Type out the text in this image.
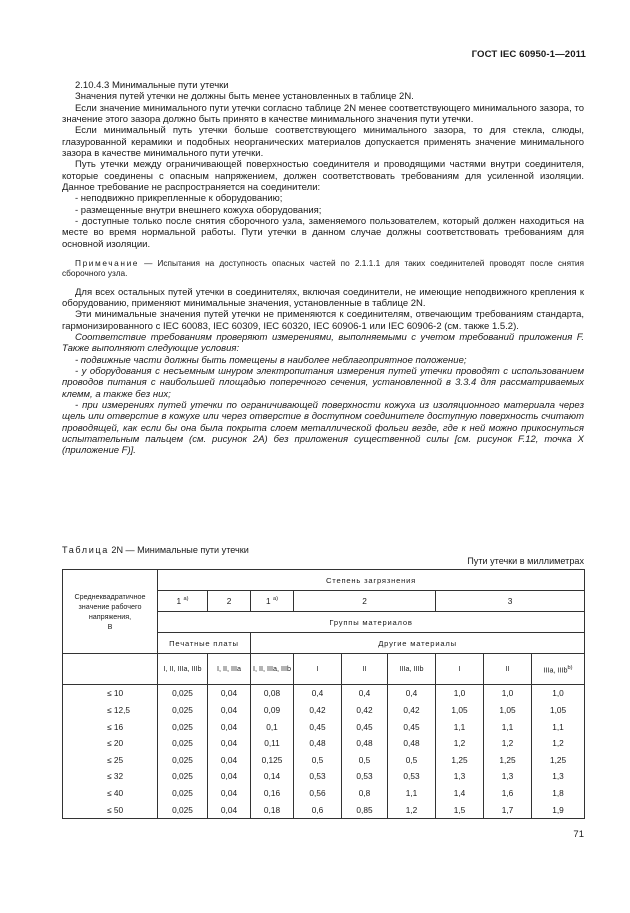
ГОСТ IEC 60950-1—2011

2.10.4.3 Минимальные пути утечки

Значения путей утечки не должны быть менее установленных в таблице 2N.

Если значение минимального пути утечки согласно таблице 2N менее соответствующего минимального зазора, то значение этого зазора должно быть принято в качестве минимального значения пути утечки.

Если минимальный путь утечки больше соответствующего минимального зазора, то для стекла, слюды, глазурованной керамики и подобных неорганических материалов допускается применять значение минимального зазора в качестве минимального пути утечки.

Путь утечки между ограничивающей поверхностью соединителя и проводящими частями внутри соединителя, которые соединены с опасным напряжением, должен соответствовать требованиям для усиленной изоляции. Данное требование не распространяется на соединители:

- неподвижно прикрепленные к оборудованию;

- размещенные внутри внешнего кожуха оборудования;

- доступные только после снятия сборочного узла, заменяемого пользователем, который должен находиться на месте во время нормальной работы. Пути утечки в данном случае должны соответствовать требованиям для основной изоляции.

Примечание — Испытания на доступность опасных частей по 2.1.1.1 для таких соединителей проводят после снятия сборочного узла.

Для всех остальных путей утечки в соединителях, включая соединители, не имеющие неподвижного крепления к оборудованию, применяют минимальные значения, установленные в таблице 2N.

Эти минимальные значения путей утечки не применяются к соединителям, отвечающим требованиям стандарта, гармонизированного с IEC 60083, IEC 60309, IEC 60320, IEC 60906-1 или IEC 60906-2 (см. также 1.5.2).

Соответствие требованиям проверяют измерениями, выполняемыми с учетом требований приложения F. Также выполняют следующие условия:

- подвижные части должны быть помещены в наиболее неблагоприятное положение;

- у оборудования с несъемным шнуром электропитания измерения путей утечки проводят с использованием проводов питания с наибольшей площадью поперечного сечения, установленной в 3.3.4 для рассматриваемых клемм, а также без них;

- при измерениях путей утечки по ограничивающей поверхности кожуха из изоляционного материала через щель или отверстие в кожухе или через отверстие в доступном соединителе доступную поверхность считают проводящей, как если бы она была покрыта слоем металлической фольги везде, где к ней можно прикоснуться испытательным пальцем (см. рисунок 2А) без приложения существенной силы [см. рисунок F.12, точка X (приложение F)].

Таблица 2N — Минимальные пути утечки
Пути утечки в миллиметрах
Среднеквадратичное
значение рабочего
напряжения,
В	Степень загрязнения								
	1 $^{a)}$	2	1 $^{a)}$	2			3		
	Группы материалов								
	Печатные платы		Другие материалы						
	I, II, IIIa, IIIb	I, II, IIIa	I, II, IIIa, IIIb	I	II	IIIa, IIIb	I	II	IIIa, IIIb$^{b)}$
≤ 10	0,025	0,04	0,08	0,4	0,4	0,4	1,0	1,0	1,0
≤ 12,5	0,025	0,04	0,09	0,42	0,42	0,42	1,05	1,05	1,05
≤ 16	0,025	0,04	0,1	0,45	0,45	0,45	1,1	1,1	1,1
≤ 20	0,025	0,04	0,11	0,48	0,48	0,48	1,2	1,2	1,2
≤ 25	0,025	0,04	0,125	0,5	0,5	0,5	1,25	1,25	1,25
≤ 32	0,025	0,04	0,14	0,53	0,53	0,53	1,3	1,3	1,3
≤ 40	0,025	0,04	0,16	0,56	0,8	1,1	1,4	1,6	1,8
≤ 50	0,025	0,04	0,18	0,6	0,85	1,2	1,5	1,7	1,9
71
